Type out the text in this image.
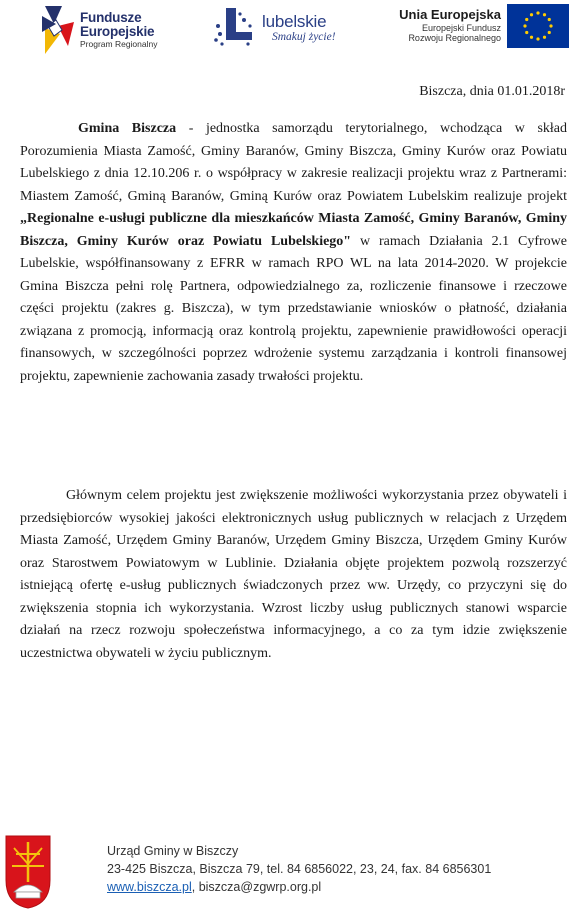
Fundusze
Europejskie
Program Regionalny
lubelskie
Smakuj życie!
Unia Europejska
Europejski Fundusz
Rozwoju Regionalnego
Biszcza, dnia 01.01.2018r

Gmina Biszcza - jednostka samorządu terytorialnego, wchodząca w skład Porozumienia Miasta Zamość, Gminy Baranów, Gminy Biszcza, Gminy Kurów oraz Powiatu Lubelskiego z dnia 12.10.206 r. o współpracy w zakresie realizacji projektu wraz z Partnerami: Miastem Zamość, Gminą Baranów, Gminą Kurów oraz Powiatem Lubelskim realizuje projekt „Regionalne e-usługi publiczne dla mieszkańców Miasta Zamość, Gminy Baranów, Gminy Biszcza, Gminy Kurów oraz Powiatu Lubelskiego" w ramach Działania 2.1 Cyfrowe Lubelskie, współfinansowany z EFRR w ramach RPO WL na lata 2014-2020. W projekcie Gmina Biszcza pełni rolę Partnera, odpowiedzialnego za, rozliczenie finansowe i rzeczowe części projektu (zakres g. Biszcza), w tym przedstawianie wniosków o płatność, działania związana z promocją, informacją oraz kontrolą projektu, zapewnienie prawidłowości operacji finansowych, w szczególności poprzez wdrożenie systemu zarządzania i kontroli finansowej projektu, zapewnienie zachowania zasady trwałości projektu.

Głównym celem projektu jest zwiększenie możliwości wykorzystania przez obywateli i przedsiębiorców wysokiej jakości elektronicznych usług publicznych w relacjach z Urzędem Miasta Zamość, Urzędem Gminy Baranów, Urzędem Gminy Biszcza, Urzędem Gminy Kurów oraz Starostwem Powiatowym w Lublinie. Działania objęte projektem pozwolą rozszerzyć istniejącą ofertę e-usług publicznych świadczonych przez ww. Urzędy, co przyczyni się do zwiększenia stopnia ich wykorzystania. Wzrost liczby usług publicznych stanowi wsparcie działań na rzecz rozwoju społeczeństwa informacyjnego, a co za tym idzie zwiększenie uczestnictwa obywateli w życiu publicznym.

Urząd Gminy w Biszczy
23-425 Biszcza, Biszcza 79, tel. 84 6856022, 23, 24, fax. 84 6856301
www.biszcza.pl, biszcza@zgwrp.org.pl
